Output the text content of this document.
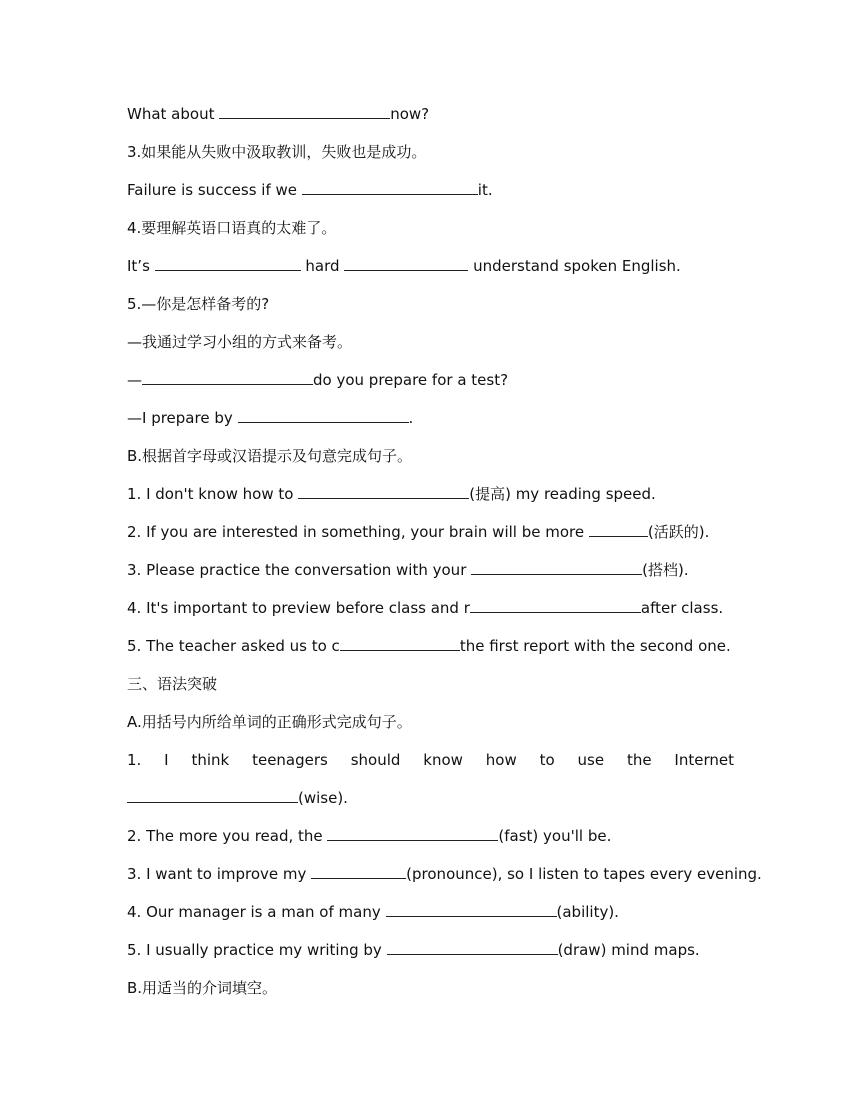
What about	now?
3.如果能从失败中汲取教训，失败也是成功。
Failure is success if we	it.
4.要理解英语口语真的太难了。
It’s	hard	understand spoken English.
5.—你是怎样备考的?
—我通过学习小组的方式来备考。
—	do you prepare for a test?
—I prepare by	.
B.根据首字母或汉语提示及句意完成句子。
1. I don't know how to	(提高) my reading speed.
2. If you are interested in something, your brain will be more	(活跃的).
3. Please practice the conversation with your	(搭档).
4. It's important to preview before class and r	after class.
5. The teacher asked us to c	the first report with the second one.
三、语法突破
A.用括号内所给单词的正确形式完成句子。
1. I think teenagers should know how to use the Internet
(wise).
2. The more you read, the	(fast) you'll be.
3. I want to improve my	(pronounce), so I listen to tapes every evening.
4. Our manager is a man of many	(ability).
5. I usually practice my writing by	(draw) mind maps.
B.用适当的介词填空。
